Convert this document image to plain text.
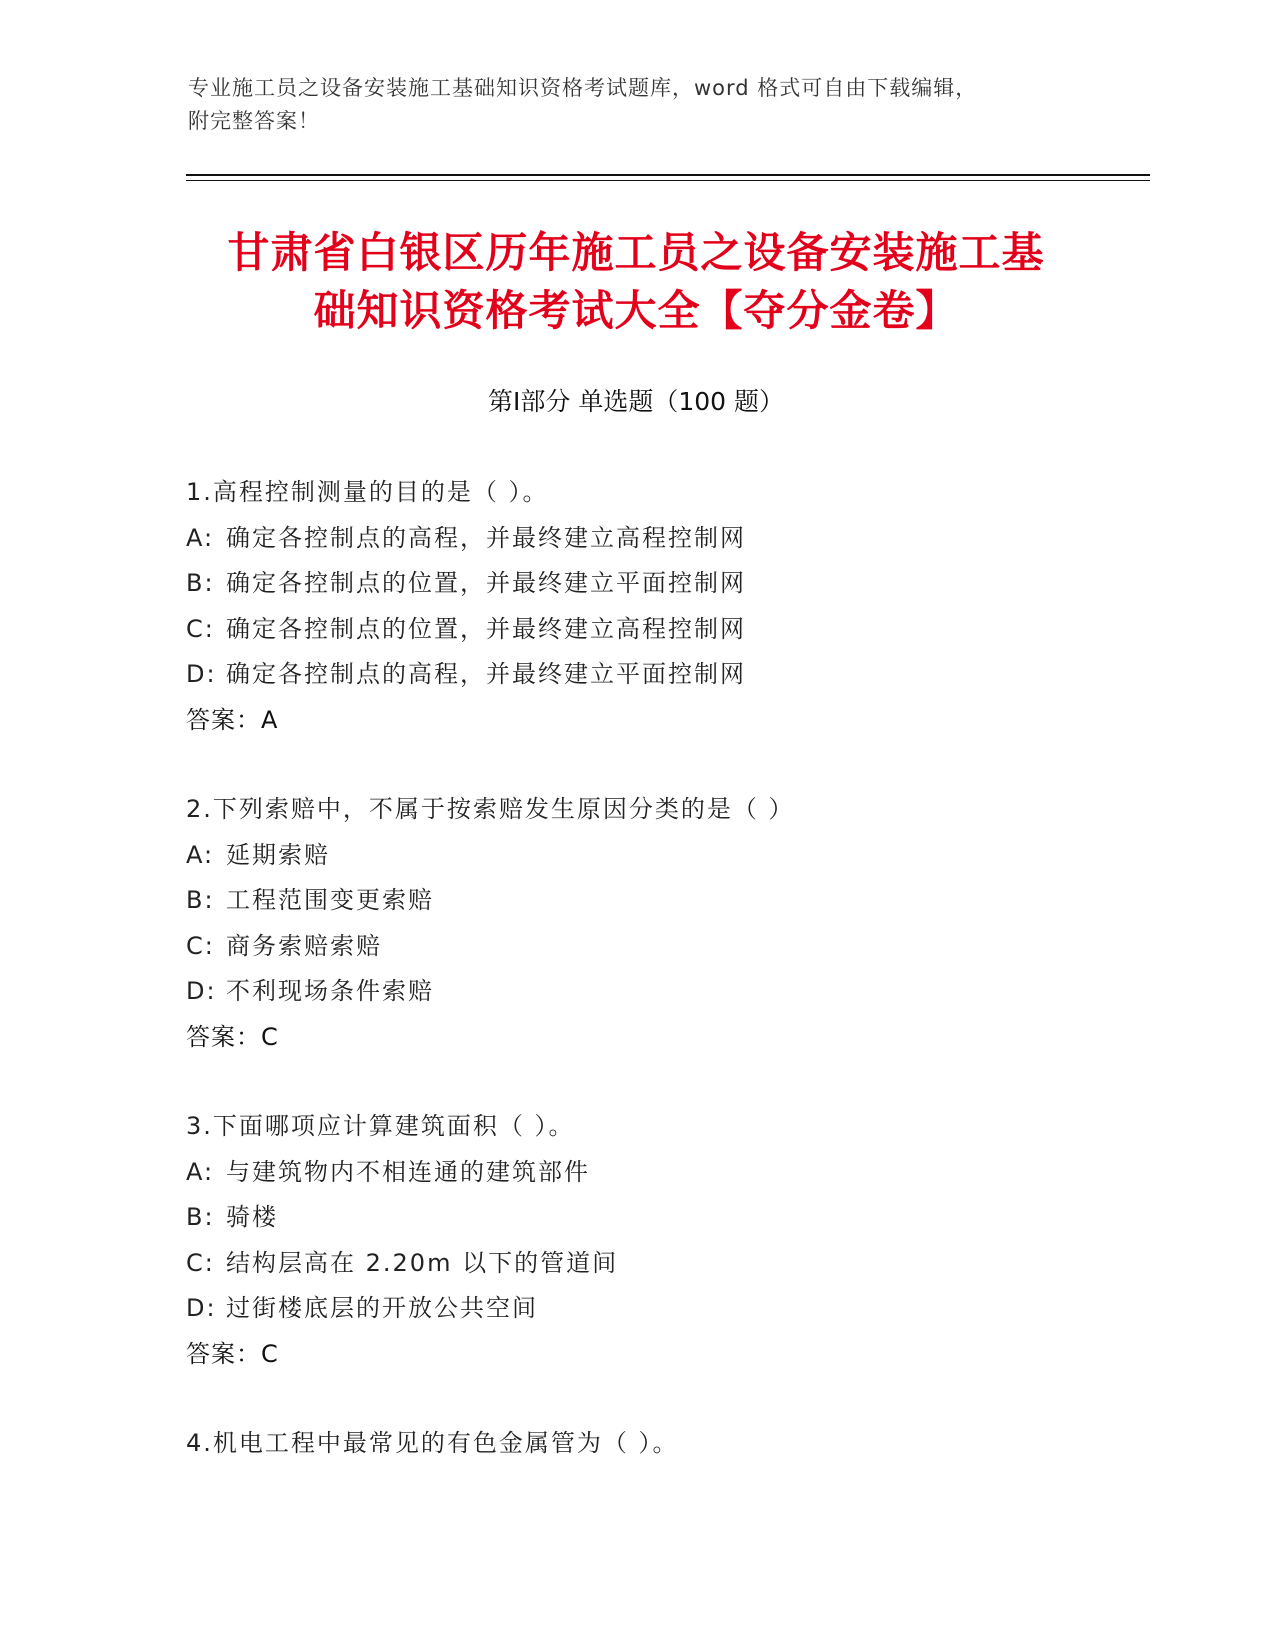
专业施工员之设备安装施工基础知识资格考试题库，word 格式可自由下载编辑，
附完整答案！
甘肃省白银区历年施工员之设备安装施工基
础知识资格考试大全【夺分金卷】
第Ⅰ部分 单选题（100 题）
1.高程控制测量的目的是（ ）。
A: 确定各控制点的高程，并最终建立高程控制网
B: 确定各控制点的位置，并最终建立平面控制网
C: 确定各控制点的位置，并最终建立高程控制网
D: 确定各控制点的高程，并最终建立平面控制网
答案：A
2.下列索赔中，不属于按索赔发生原因分类的是（ ）
A: 延期索赔
B: 工程范围变更索赔
C: 商务索赔索赔
D: 不利现场条件索赔
答案：C
3.下面哪项应计算建筑面积（ ）。
A: 与建筑物内不相连通的建筑部件
B: 骑楼
C: 结构层高在 2.20m 以下的管道间
D: 过街楼底层的开放公共空间
答案：C
4.机电工程中最常见的有色金属管为（ ）。
